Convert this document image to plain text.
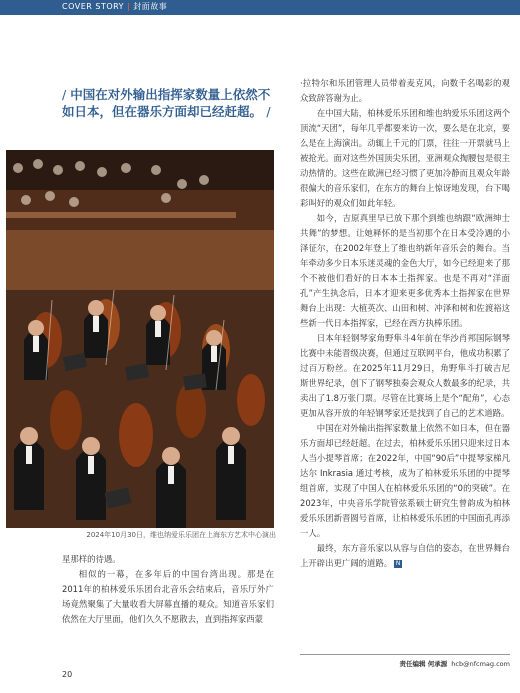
COVER STORY | 封面故事
/ 中国在对外输出指挥家数量上依然不如日本，但在器乐方面却已经赶超。 /
2024年10月30日，维也纳爱乐乐团在上海东方艺术中心演出

星那样的待遇。

相似的一幕，在多年后的中国台湾出现。那是在2011年的柏林爱乐乐团台北音乐会结束后，音乐厅外广场竟然聚集了大量收看大屏幕直播的观众。知道音乐家们依然在大厅里面，他们久久不愿散去，直到指挥家西蒙

·拉特尔和乐团管理人员带着麦克风，向数千名喝彩的观众致辞答谢为止。

在中国大陆，柏林爱乐乐团和维也纳爱乐乐团这两个顶流“天团”，每年几乎都要来访一次，要么是在北京，要么是在上海演出。动辄上千元的门票，往往一开票就马上被抢光。面对这些外国顶尖乐团，亚洲观众掏腰包是很主动热情的。这些在欧洲已经习惯了更加冷静而且观众年龄很偏大的音乐家们，在东方的舞台上惊讶地发现，台下喝彩叫好的观众们如此年轻。

如今，吉原真里早已放下那个到维也纳跟“欧洲绅士共舞”的梦想。让她释怀的是当初那个在日本受冷遇的小泽征尔，在2002年登上了维也纳新年音乐会的舞台。当年牵动多少日本乐迷灵魂的金色大厅，如今已经迎来了那个不被他们看好的日本本土指挥家。也是不再对“洋面孔”产生执念后，日本才迎来更多优秀本土指挥家在世界舞台上出现：大植英次、山田和树、冲泽和树和佐渡裕这些新一代日本指挥家，已经在西方执棒乐团。

日本年轻钢琴家角野隼斗4年前在华沙肖邦国际钢琴比赛中未能晋级决赛，但通过互联网平台，他成功积累了过百万粉丝。在2025年11月29日，角野隼斗打破吉尼斯世界纪录，创下了钢琴独奏会观众人数最多的纪录，共卖出了1.8万张门票。尽管在比赛场上是个“配角”，心态更加从容开放的年轻钢琴家还是找到了自己的艺术道路。

中国在对外输出指挥家数量上依然不如日本，但在器乐方面却已经赶超。在过去，柏林爱乐乐团只迎来过日本人当小提琴首席；在2022年，中国“90后”中提琴家梯凡达尔 Inkrasia 通过考核，成为了柏林爱乐乐团的中提琴组首席，实现了中国人在柏林爱乐乐团的“0的突破”。在2023年，中央音乐学院管弦系硕士研究生曾韵成为柏林爱乐乐团新晋圆号首席，让柏林爱乐乐团的中国面孔再添一人。

最终，东方音乐家以从容与自信的姿态，在世界舞台上开辟出更广阔的道路。 N

责任编辑 何承源 hcb@nfcmag.com
20
